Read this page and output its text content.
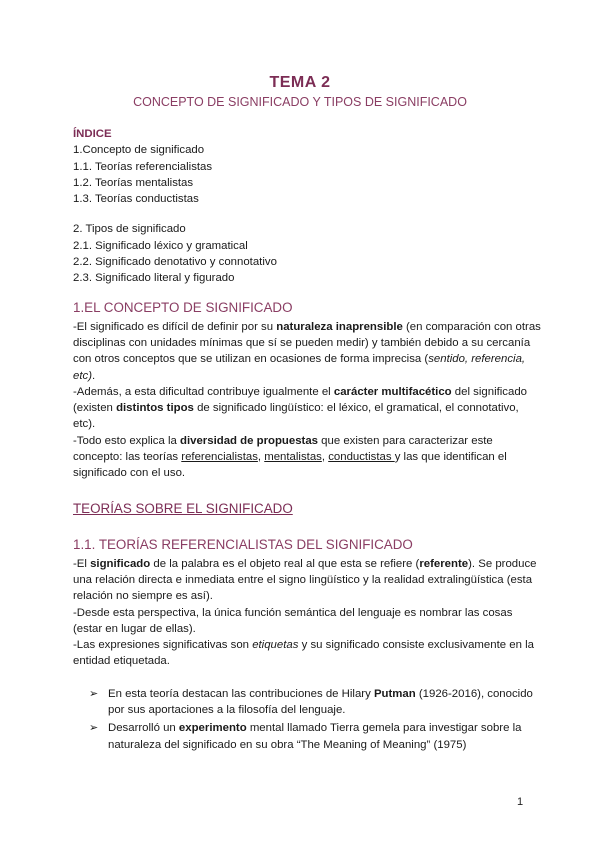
TEMA 2
CONCEPTO DE SIGNIFICADO Y TIPOS DE SIGNIFICADO

ÍNDICE

1.Concepto de significado

1.1. Teorías referencialistas

1.2. Teorías mentalistas

1.3. Teorías conductistas

2. Tipos de significado

2.1. Significado léxico y gramatical

2.2. Significado denotativo y connotativo

2.3. Significado literal y figurado

1.EL CONCEPTO DE SIGNIFICADO

-El significado es difícil de definir por su naturaleza inaprensible (en comparación con otras disciplinas con unidades mínimas que sí se pueden medir) y también debido a su cercanía con otros conceptos que se utilizan en ocasiones de forma imprecisa (sentido, referencia, etc).

-Además, a esta dificultad contribuye igualmente el carácter multifacético del significado (existen distintos tipos de significado lingüístico: el léxico, el gramatical, el connotativo, etc).

-Todo esto explica la diversidad de propuestas que existen para caracterizar este concepto: las teorías referencialistas, mentalistas, conductistas y las que identifican el significado con el uso.

TEORÍAS SOBRE EL SIGNIFICADO
1.1. TEORÍAS REFERENCIALISTAS DEL SIGNIFICADO

-El significado de la palabra es el objeto real al que esta se refiere (referente). Se produce una relación directa e inmediata entre el signo lingüístico y la realidad extralingüística (esta relación no siempre es así).

-Desde esta perspectiva, la única función semántica del lenguaje es nombrar las cosas (estar en lugar de ellas).

-Las expresiones significativas son etiquetas y su significado consiste exclusivamente en la entidad etiquetada.

➢ En esta teoría destacan las contribuciones de Hilary Putman (1926-2016), conocido por sus aportaciones a la filosofía del lenguaje.
➢ Desarrolló un experimento mental llamado Tierra gemela para investigar sobre la naturaleza del significado en su obra “The Meaning of Meaning” (1975)
1
